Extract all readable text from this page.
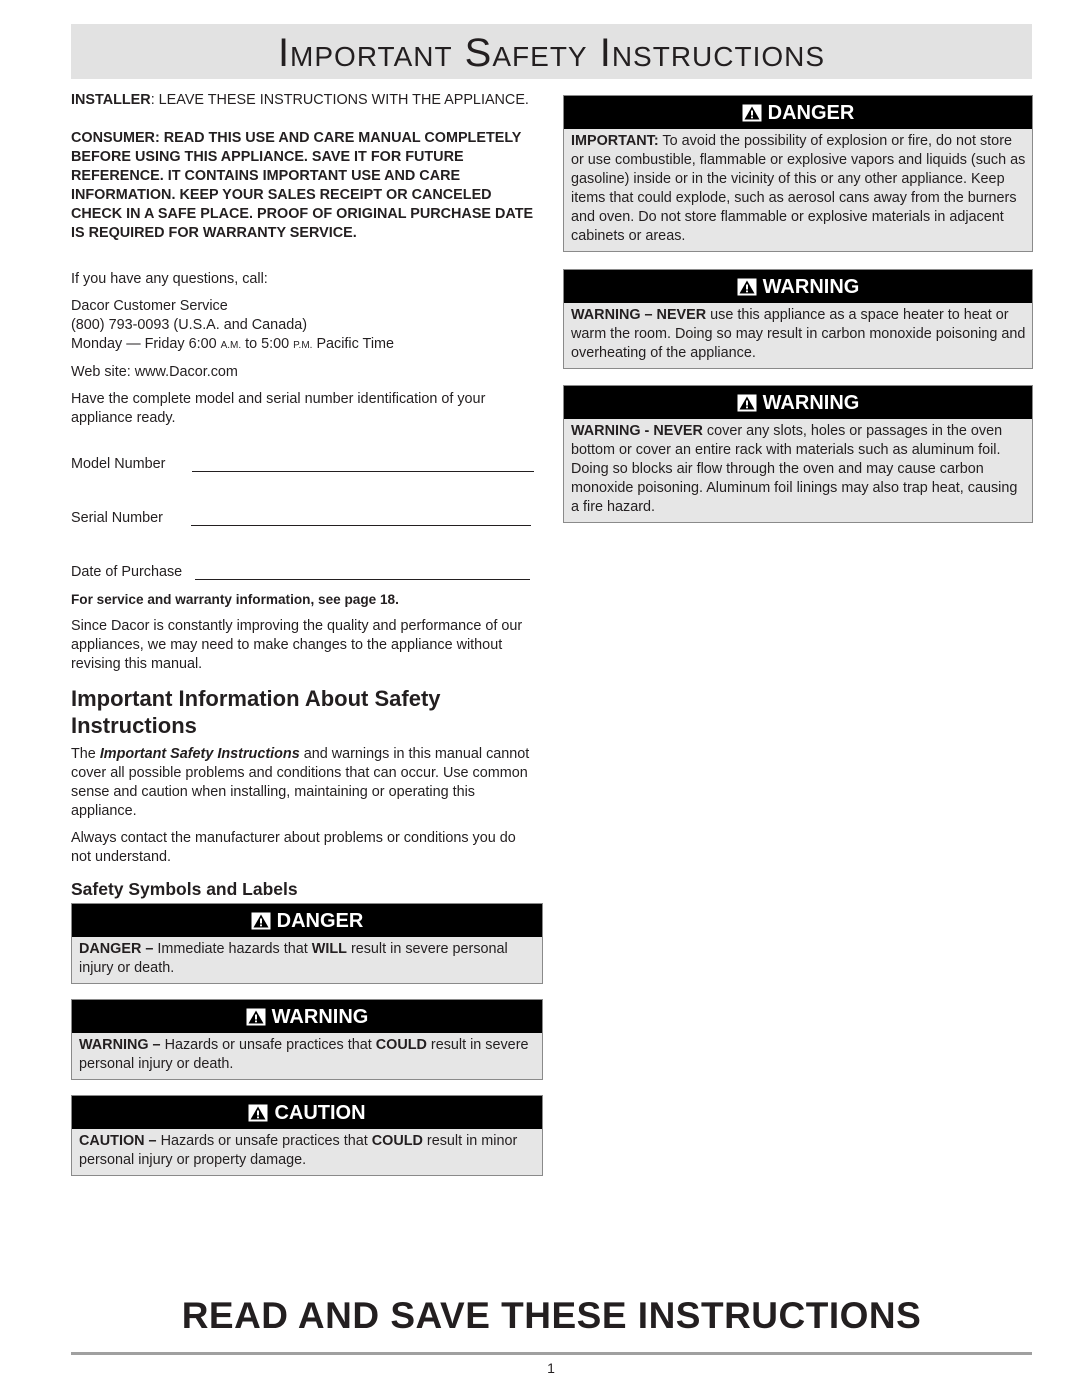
Important Safety Instructions

INSTALLER: LEAVE THESE INSTRUCTIONS WITH THE APPLIANCE.

CONSUMER: READ THIS USE AND CARE MANUAL COMPLETELY BEFORE USING THIS APPLIANCE. SAVE IT FOR FUTURE REFERENCE. IT CONTAINS IMPORTANT USE AND CARE INFORMATION. KEEP YOUR SALES RECEIPT OR CANCELED CHECK IN A SAFE PLACE. PROOF OF ORIGINAL PURCHASE DATE IS REQUIRED FOR WARRANTY SERVICE.

If you have any questions, call:

Dacor Customer Service

(800) 793-0093 (U.S.A. and Canada)

Monday — Friday 6:00 A.M. to 5:00 P.M. Pacific Time

Web site: www.Dacor.com

Have the complete model and serial number identification of your appliance ready.

Model Number
Serial Number
Date of Purchase

For service and warranty information, see page 18.

Since Dacor is constantly improving the quality and performance of our appliances, we may need to make changes to the appliance without revising this manual.

Important Information About Safety Instructions

The Important Safety Instructions and warnings in this manual cannot cover all possible problems and conditions that can occur. Use common sense and caution when installing, maintaining or operating this appliance.

Always contact the manufacturer about problems or conditions you do not understand.

Safety Symbols and Labels
DANGER
DANGER – Immediate hazards that WILL result in severe personal injury or death.
WARNING
WARNING – Hazards or unsafe practices that COULD result in severe personal injury or death.
CAUTION
CAUTION – Hazards or unsafe practices that COULD result in minor personal injury or property damage.
DANGER
IMPORTANT: To avoid the possibility of explosion or fire, do not store or use combustible, flammable or explosive vapors and liquids (such as gasoline) inside or in the vicinity of this or any other appliance. Keep items that could explode, such as aerosol cans away from the burners and oven. Do not store flammable or explosive materials in adjacent cabinets or areas.
WARNING
WARNING – NEVER use this appliance as a space heater to heat or warm the room. Doing so may result in carbon monoxide poisoning and overheating of the appliance.
WARNING
WARNING - NEVER cover any slots, holes or passages in the oven bottom or cover an entire rack with materials such as aluminum foil. Doing so blocks air flow through the oven and may cause carbon monoxide poisoning. Aluminum foil linings may also trap heat, causing a fire hazard.
READ AND SAVE THESE INSTRUCTIONS
1
